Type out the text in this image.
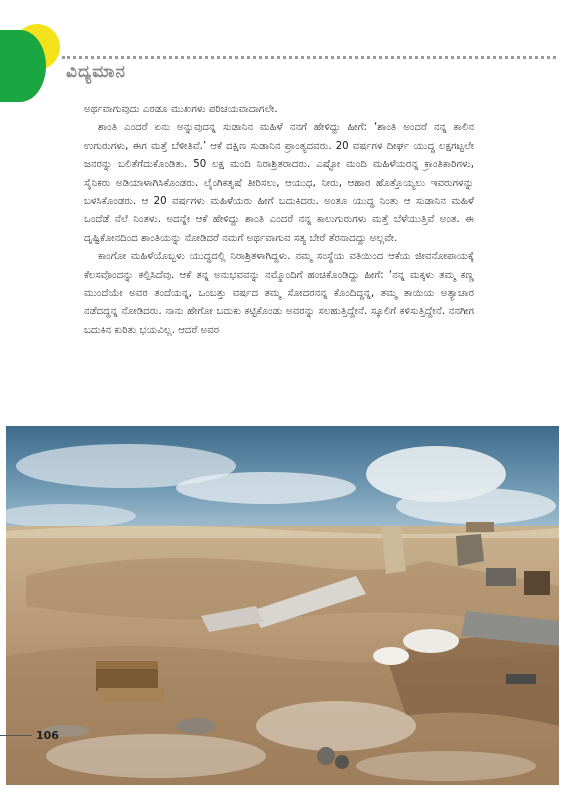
ವಿದ್ಯಮಾನ

ಅರ್ಥವಾಗುವುದು ಎರಡೂ ಮುಖಗಳು ಪರಿಚಯವಾದಾಗಲೇ.

ಶಾಂತಿ ಎಂದರೆ ಏನು ಅನ್ನುವುದನ್ನ ಸುಡಾನಿನ ಮಹಿಳೆ ನನಗೆ ಹೇಳಿದ್ದು ಹೀಗೆ: ‘ಶಾಂತಿ ಅಂದರೆ ನನ್ನ ಕಾಲಿನ ಉಗುರುಗಳು, ಈಗ ಮತ್ತೆ ಬೆಳೀತಿವೆ.’ ಆಕೆ ದಕ್ಷಿಣ ಸುಡಾನಿನ ಪ್ರಾಂತ್ಯದವರು. 20 ವರ್ಷಗಳ ದೀರ್ಘ ಯುದ್ಧ ಲಕ್ಷಗಟ್ಟಲೇ ಜನರನ್ನು ಬಲಿತೆಗೆದುಕೊಂಡಿತು. 50 ಲಕ್ಷ ಮಂದಿ ನಿರಾಶ್ರಿತರಾದರು. ಎಷ್ಟೋ ಮಂದಿ ಮಹಿಳೆಯರನ್ನ ಕ್ರಾಂತಿಕಾರಿಗಳು, ಸೈನಿಕರು ಅಡಿಯಾಳಾಗಿಸಿಕೊಂಡರು. ಲೈಂಗಿಕತೃಷೆ ತೀರಿಸಲು, ಆಯುಧ, ನೀರು, ಆಹಾರ ಹೊತ್ತೊಯ್ಯಲು ಇವರುಗಳನ್ನು ಬಳಸಿಕೊಂಡರು. ಆ 20 ವರ್ಷಗಳು ಮಹಿಳೆಯರು ಹೀಗೆ ಬದುಕಿದರು. ಅಂತೂ ಯುದ್ಧ ನಿಂತು ಆ ಸುಡಾನಿನ ಮಹಿಳೆ ಒಂದೆಡೆ ನೆಲೆ ನಿಂತಳು. ಅದನ್ನೇ ಆಕೆ ಹೇಳಿದ್ದು ಶಾಂತಿ ಎಂದರೆ ನನ್ನ ಕಾಲುಗುರುಗಳು ಮತ್ತೆ ಬೆಳೆಯುತ್ತಿವೆ ಅಂತ. ಈ ದೃಷ್ಟಿಕೋನದಿಂದ ಶಾಂತಿಯನ್ನು ನೋಡಿದರೆ ನಮಗೆ ಅರ್ಥವಾಗುವ ಸತ್ಯ ಬೇರೆ ತೆರನಾದದ್ದು ಅಲ್ಲವೇ.

ಕಾಂಗೋ ಮಹಿಳೆಯೊಬ್ಬಳು ಯುದ್ಧದಲ್ಲಿ ನಿರಾಶ್ರಿತಳಾಗಿದ್ದಳು. ನಮ್ಮ ಸಂಸ್ಥೆಯ ವತಿಯಿಂದ ಆಕೆಯ ಜೀವನೋಪಾಯಕ್ಕೆ ಕೆಲಸವೊಂದನ್ನು ಕಲ್ಪಿಸಿದೆವು. ಆಕೆ ತನ್ನ ಅನುಭವವನ್ನು ನಮ್ಮೊಂದಿಗೆ ಹಂಚಿಕೊಂಡಿದ್ದು ಹೀಗೆ: ‘ನನ್ನ ಮಕ್ಕಳು ತಮ್ಮ ಕಣ್ಣ ಮುಂದೆಯೇ ಅವರ ತಂದೆಯನ್ನ, ಒಂಬತ್ತು ವರ್ಷದ ತಮ್ಮ ಸೋದರನನ್ನ ಕೊಂದಿದ್ದನ್ನ, ತಮ್ಮ ತಾಯಿಯ ಅತ್ಯಾಚಾರ ನಡೆದದ್ದನ್ನ ನೋಡಿದರು. ನಾನು ಹೇಗೋ ಬದುಕು ಕಟ್ಟಿಕೊಂಡು ಅವರನ್ನು ಸಲಹುತ್ತಿದ್ದೇನೆ. ಸ್ಕೂಲಿಗೆ ಕಳಿಸುತ್ತಿದ್ದೇನೆ. ನನಗೀಗ ಬದುಕಿನ ಕುರಿತು ಭಯವಿಲ್ಲ. ಆದರೆ ಅವರ

106
